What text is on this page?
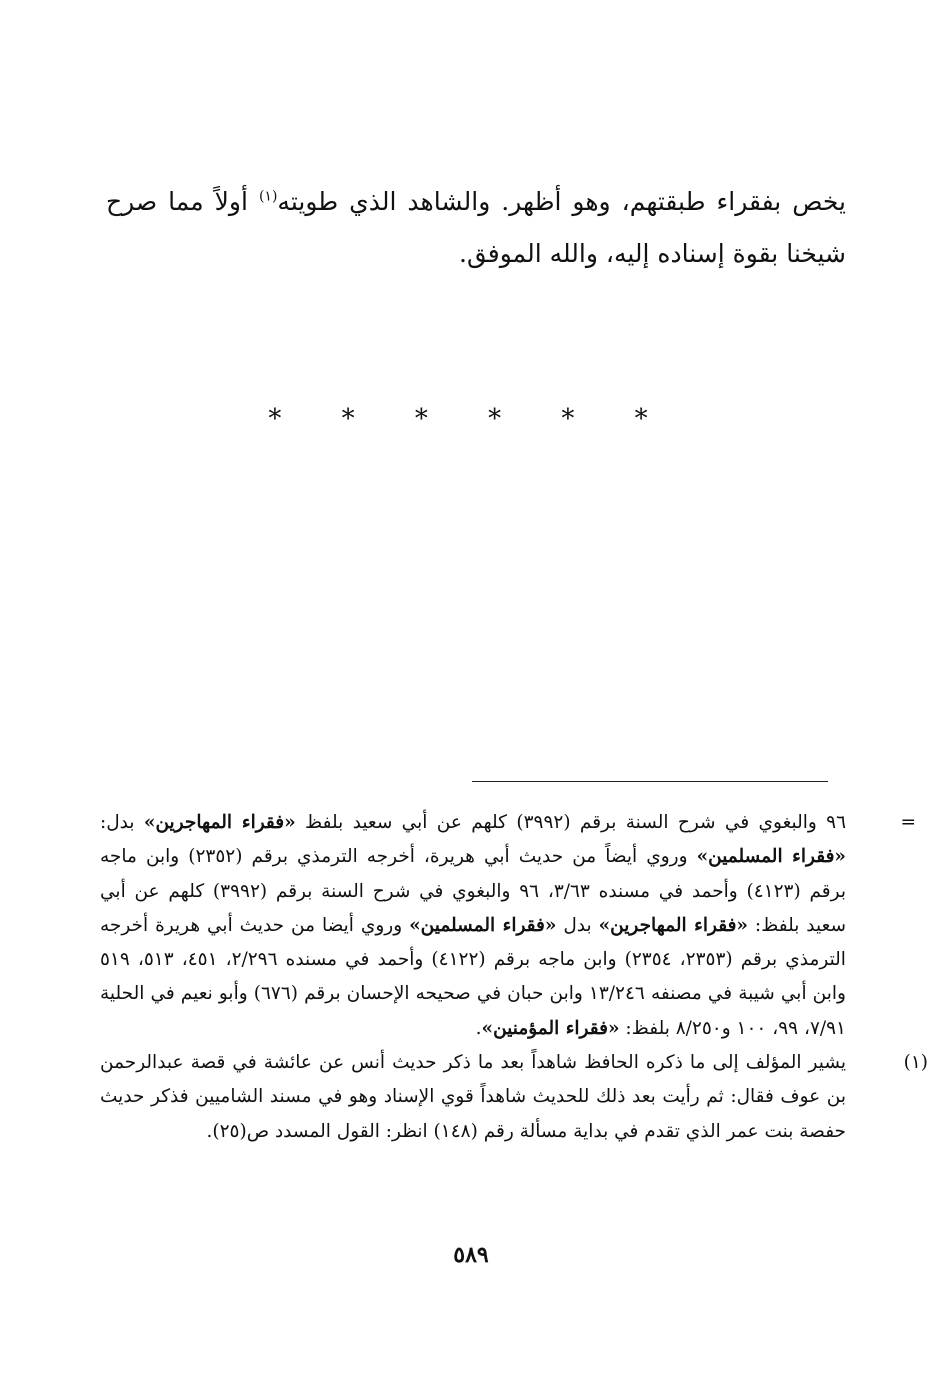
يخص بفقراء طبقتهم، وهو أظهر. والشاهد الذي طويته$^{(١)}$ أولاً مما صرح شيخنا بقوة إسناده إليه، والله الموفق.

* * * * * *
=
٩٦ والبغوي في شرح السنة برقم (٣٩٩٢) كلهم عن أبي سعيد بلفظ «فقراء المهاجرين» بدل: «فقراء المسلمين» وروي أيضاً من حديث أبي هريرة، أخرجه الترمذي برقم (٢٣٥٢) وابن ماجه برقم (٤١٢٣) وأحمد في مسنده ٣/٦٣، ٩٦ والبغوي في شرح السنة برقم (٣٩٩٢) كلهم عن أبي سعيد بلفظ: «فقراء المهاجرين» بدل «فقراء المسلمين» وروي أيضا من حديث أبي هريرة أخرجه الترمذي برقم (٢٣٥٣، ٢٣٥٤) وابن ماجه برقم (٤١٢٢) وأحمد في مسنده ٢/٢٩٦، ٤٥١، ٥١٣، ٥١٩ وابن أبي شيبة في مصنفه ١٣/٢٤٦ وابن حبان في صحيحه الإحسان برقم (٦٧٦) وأبو نعيم في الحلية ٧/٩١، ٩٩، ١٠٠ و٨/٢٥٠ بلفظ: «فقراء المؤمنين».
(١)
يشير المؤلف إلى ما ذكره الحافظ شاهداً بعد ما ذكر حديث أنس عن عائشة في قصة عبدالرحمن بن عوف فقال: ثم رأيت بعد ذلك للحديث شاهداً قوي الإسناد وهو في مسند الشاميين فذكر حديث حفصة بنت عمر الذي تقدم في بداية مسألة رقم (١٤٨) انظر: القول المسدد ص(٢٥).
٥٨٩
